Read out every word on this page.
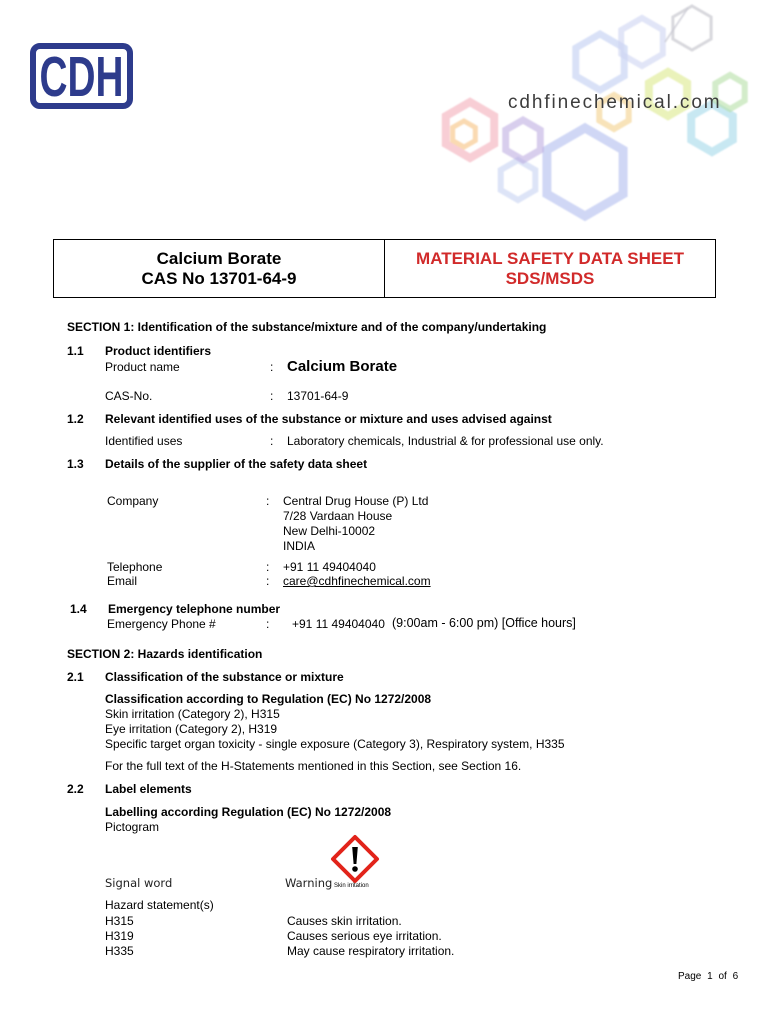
CDH	cdhfinechemical.com
Calcium Borate
CAS No 13701-64-9
MATERIAL SAFETY DATA SHEET
SDS/MSDS
SECTION 1: Identification of the substance/mixture and of the company/undertaking
1.1 Product identifiers
Product name	: Calcium Borate
CAS-No.	: 13701-64-9
1.2 Relevant identified uses of the substance or mixture and uses advised against
Identified uses	: Laboratory chemicals, Industrial & for professional use only.
1.3 Details of the supplier of the safety data sheet
Company	: Central Drug House (P) Ltd
7/28 Vardaan House
New Delhi-10002
INDIA
Telephone	: +91 11 49404040
Email	: care@cdhfinechemical.com
1.4 Emergency telephone number
Emergency Phone #	: +91 11 49404040 (9:00am - 6:00 pm) [Office hours]
SECTION 2: Hazards identification
2.1 Classification of the substance or mixture
Classification according to Regulation (EC) No 1272/2008
Skin irritation (Category 2), H315
Eye irritation (Category 2), H319
Specific target organ toxicity - single exposure (Category 3), Respiratory system, H335
For the full text of the H-Statements mentioned in this Section, see Section 16.
2.2 Label elements
Labelling according Regulation (EC) No 1272/2008
Pictogram
Skin irritation
Signal word	Warning
Hazard statement(s)
H315	Causes skin irritation.
H319	Causes serious eye irritation.
H335	May cause respiratory irritation.
Page 1 of 6
